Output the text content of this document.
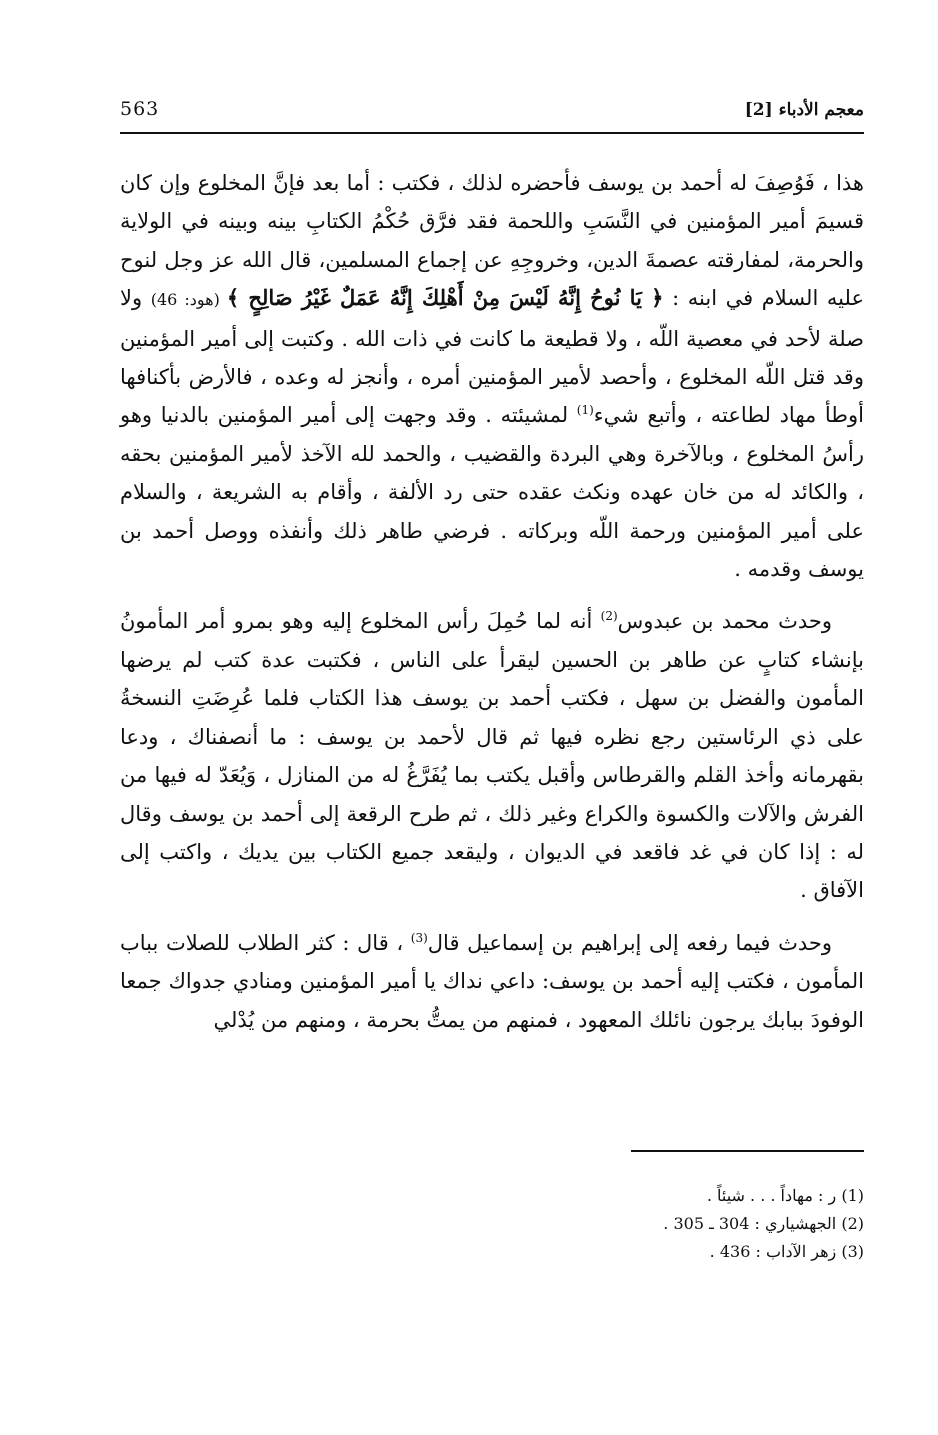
معجم الأدباء [2]
563

هذا ، فَوُصِفَ له أحمد بن يوسف فأحضره لذلك ، فكتب : أما بعد فإنَّ المخلوع وإن كان قسيمَ أمير المؤمنين في النَّسَبِ واللحمة فقد فرَّق حُكْمُ الكتابِ بينه وبينه في الولاية والحرمة، لمفارقته عصمةَ الدين، وخروجِهِ عن إجماع المسلمين، قال الله عز وجل لنوح عليه السلام في ابنه : ﴿ يَا نُوحُ إِنَّهُ لَيْسَ مِنْ أَهْلِكَ إِنَّهُ عَمَلٌ غَيْرُ صَالِحٍ ﴾ (هود: 46) ولا صلة لأحد في معصية اللّه ، ولا قطيعة ما كانت في ذات الله . وكتبت إلى أمير المؤمنين وقد قتل اللّه المخلوع ، وأحصد لأمير المؤمنين أمره ، وأنجز له وعده ، فالأرض بأكنافها أوطأ مهاد لطاعته ، وأتبع شيء$^{(1)}$ لمشيئته . وقد وجهت إلى أمير المؤمنين بالدنيا وهو رأسُ المخلوع ، وبالآخرة وهي البردة والقضيب ، والحمد لله الآخذ لأمير المؤمنين بحقه ، والكائد له من خان عهده ونكث عقده حتى رد الألفة ، وأقام به الشريعة ، والسلام على أمير المؤمنين ورحمة اللّه وبركاته . فرضي طاهر ذلك وأنفذه ووصل أحمد بن يوسف وقدمه .

وحدث محمد بن عبدوس$^{(2)}$ أنه لما حُمِلَ رأس المخلوع إليه وهو بمرو أمر المأمونُ بإنشاء كتابٍ عن طاهر بن الحسين ليقرأ على الناس ، فكتبت عدة كتب لم يرضها المأمون والفضل بن سهل ، فكتب أحمد بن يوسف هذا الكتاب فلما عُرِضَتِ النسخةُ على ذي الرئاستين رجع نظره فيها ثم قال لأحمد بن يوسف : ما أنصفناك ، ودعا بقهرمانه وأخذ القلم والقرطاس وأقبل يكتب بما يُفَرَّغُ له من المنازل ، وَيُعَدّ له فيها من الفرش والآلات والكسوة والكراع وغير ذلك ، ثم طرح الرقعة إلى أحمد بن يوسف وقال له : إذا كان في غد فاقعد في الديوان ، وليقعد جميع الكتاب بين يديك ، واكتب إلى الآفاق .

وحدث فيما رفعه إلى إبراهيم بن إسماعيل قال$^{(3)}$ ، قال : كثر الطلاب للصلات بباب المأمون ، فكتب إليه أحمد بن يوسف: داعي نداك يا أمير المؤمنين ومنادي جدواك جمعا الوفودَ ببابك يرجون نائلك المعهود ، فمنهم من يمتُّ بحرمة ، ومنهم من يُدْلي

(1) ر : مهاداً . . . شيئاً .

(2) الجهشياري : 304 ـ 305 .

(3) زهر الآداب : 436 .
